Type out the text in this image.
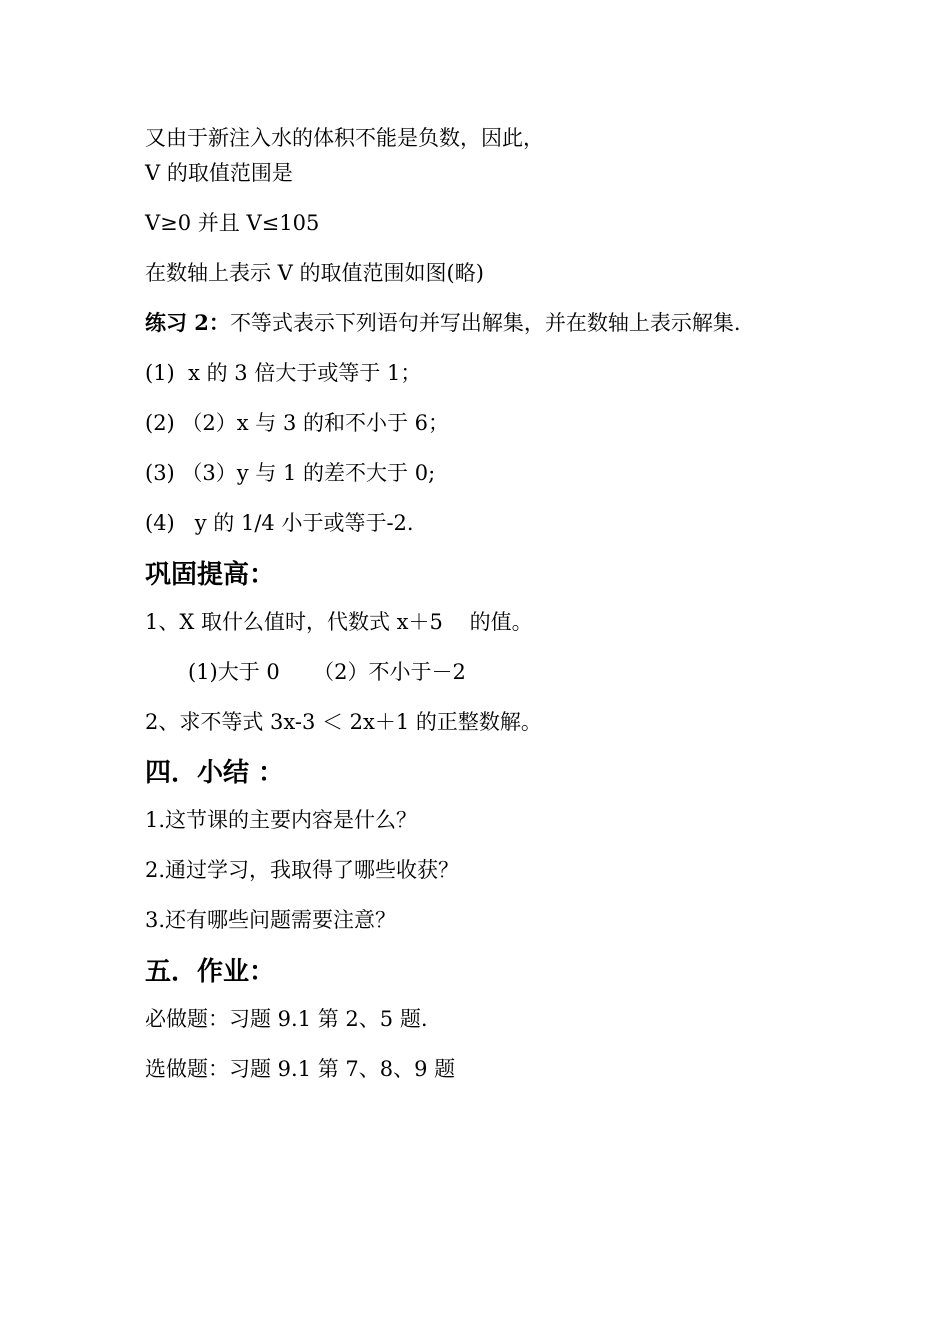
又由于新注入水的体积不能是负数，因此，
V 的取值范围是
V≥0 并且 V≤105
在数轴上表示 V 的取值范围如图(略)
练习 2：不等式表示下列语句并写出解集，并在数轴上表示解集.
(1)  x 的 3 倍大于或等于 1；
(2) （2）x 与 3 的和不小于 6；
(3) （3）y 与 1 的差不大于 0;
(4)   y 的 1/4 小于或等于-2.
巩固提高：
1、X 取什么值时，代数式 x＋5    的值。
(1)大于 0     （2）不小于－2
2、求不等式 3x-3 ＜ 2x＋1 的正整数解。
四．小结 ：
1.这节课的主要内容是什么？
2.通过学习，我取得了哪些收获？
3.还有哪些问题需要注意？
五．作业：
必做题：习题 9.1 第 2、5 题.
选做题：习题 9.1 第 7、8、9 题
